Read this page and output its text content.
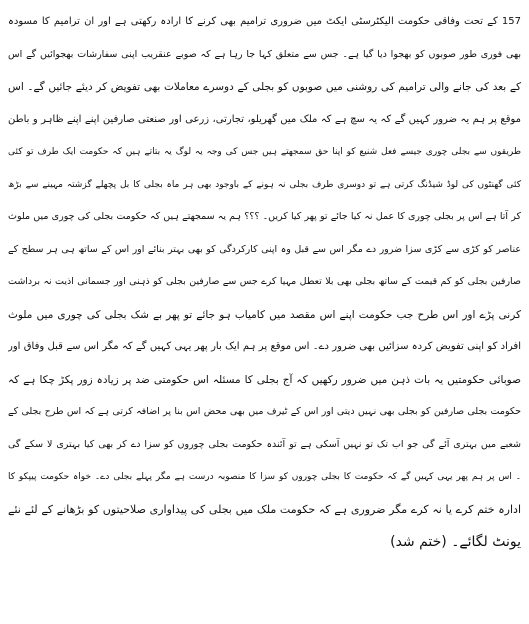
157 کے تحت وفاقی حکومت الیکٹرسٹی ایکٹ میں ضروری ترامیم بھی کرنے کا ارادہ رکھتی ہے اور ان ترامیم کا مسودہ
بھی فوری طور صوبوں کو بھجوا دیا گیا ہے۔ جس سے متعلق کہا جا رہا ہے کہ صوبے عنقریب اپنی سفارشات بھجوائیں گے اس
کے بعد کی جانے والی ترامیم کی روشنی میں صوبوں کو بجلی کے دوسرے معاملات بھی تفویض کر دیئے جائیں گے۔ اس
موقع پر ہم یہ ضرور کہیں گے کہ یہ سچ ہے کہ ملک میں گھریلو، تجارتی، زرعی اور صنعتی صارفین اپنے اپنے ظاہر و باطن
طریقوں سے بجلی چوری جیسے فعل شنیع کو اپنا حق سمجھتے ہیں جس کی وجہ یہ لوگ یہ بتاتے ہیں کہ حکومت ایک طرف تو کئی
کئی گھنٹوں کی لوڈ شیڈنگ کرتی ہے تو دوسری طرف بجلی نہ ہونے کے باوجود بھی ہر ماہ بجلی کا بل پچھلے گزشتہ مہینے سے بڑھ
کر آتا ہے اس پر بجلی چوری کا عمل نہ کیا جائے تو پھر کیا کریں۔ ؟؟؟ ہم یہ سمجھتے ہیں کہ حکومت بجلی کی چوری میں ملوث
عناصر کو کڑی سے کڑی سزا ضرور دے مگر اس سے قبل وہ اپنی کارکردگی کو بھی بہتر بنائے اور اس کے ساتھ ہی ہر سطح کے
صارفین بجلی کو کم قیمت کے ساتھ بجلی بھی بلا تعطل مہیا کرے جس سے صارفین بجلی کو ذہنی اور جسمانی اذیت نہ برداشت
کرنی پڑے اور اس طرح جب حکومت اپنے اس مقصد میں کامیاب ہو جائے تو پھر بے شک بجلی کی چوری میں ملوث
افراد کو اپنی تفویض کردہ سزائیں بھی ضرور دے۔ اس موقع پر ہم ایک بار پھر یہی کہیں گے کہ مگر اس سے قبل وفاق اور
صوبائی حکومتیں یہ بات ذہن میں ضرور رکھیں کہ آج بجلی کا مسئلہ اس حکومتی ضد پر زیادہ زور پکڑ چکا ہے کہ
حکومت بجلی صارفین کو بجلی بھی نہیں دیتی اور اس کے ٹیرف میں بھی محض اس بنا پر اضافہ کرتی ہے کہ اس طرح بجلی کے
شعبے میں بہتری آئے گی جو اب تک تو نہیں آسکی ہے تو آئندہ حکومت بجلی چوروں کو سزا دے کر بھی کیا بہتری لا سکے گی
۔ اس پر ہم پھر یہی کہیں گے کہ حکومت کا بجلی چوروں کو سزا کا منصوبہ درست ہے مگر پہلے بجلی دے۔ خواہ حکومت پیپکو کا
ادارہ ختم کرے یا نہ کرے مگر ضروری ہے کہ حکومت ملک میں بجلی کی پیداواری صلاحیتوں کو بڑھانے کے لئے نئے
یونٹ لگائے۔ (ختم شد)
